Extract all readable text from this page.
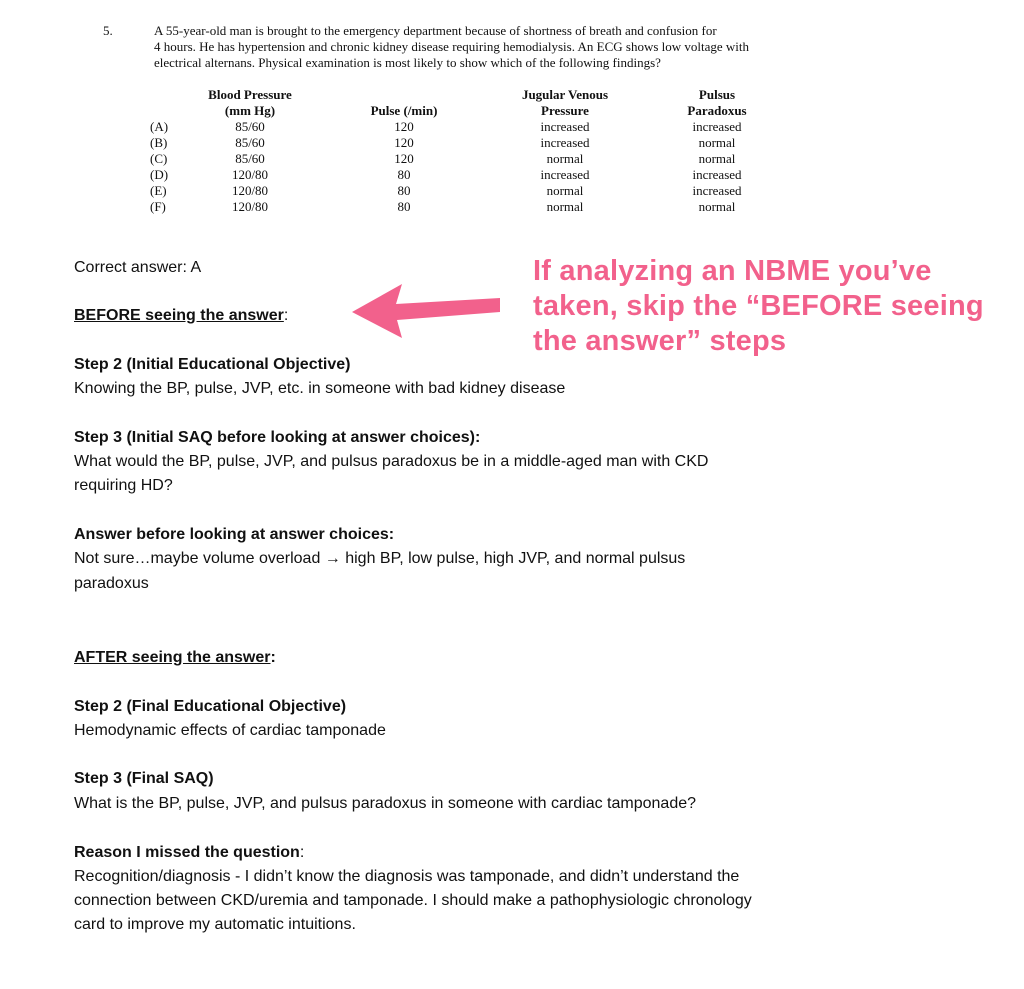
5.	A 55-year-old man is brought to the emergency department because of shortness of breath and confusion for
4 hours. He has hypertension and chronic kidney disease requiring hemodialysis. An ECG shows low voltage with
electrical alternans. Physical examination is most likely to show which of the following findings?
(A)
(B)
(C)
(D)
(E)
(F)
Blood Pressure
(mm Hg)
85/60
85/60
85/60
120/80
120/80
120/80
Pulse (/min)
120
120
120
80
80
80
Jugular Venous
Pressure
increased
increased
normal
increased
normal
normal
Pulsus
Paradoxus
increased
normal
normal
increased
increased
normal
Correct answer: A
BEFORE seeing the answer:
Step 2 (Initial Educational Objective)
Knowing the BP, pulse, JVP, etc. in someone with bad kidney disease
Step 3 (Initial SAQ before looking at answer choices):
What would the BP, pulse, JVP, and pulsus paradoxus be in a middle-aged man with CKD
requiring HD?
Answer before looking at answer choices:
Not sure…maybe volume overload → high BP, low pulse, high JVP, and normal pulsus
paradoxus
AFTER seeing the answer:
Step 2 (Final Educational Objective)
Hemodynamic effects of cardiac tamponade
Step 3 (Final SAQ)
What is the BP, pulse, JVP, and pulsus paradoxus in someone with cardiac tamponade?
Reason I missed the question:
Recognition/diagnosis - I didn’t know the diagnosis was tamponade, and didn’t understand the
connection between CKD/uremia and tamponade. I should make a pathophysiologic chronology
card to improve my automatic intuitions.
If analyzing an NBME you’ve
taken, skip the “BEFORE seeing
the answer” steps
